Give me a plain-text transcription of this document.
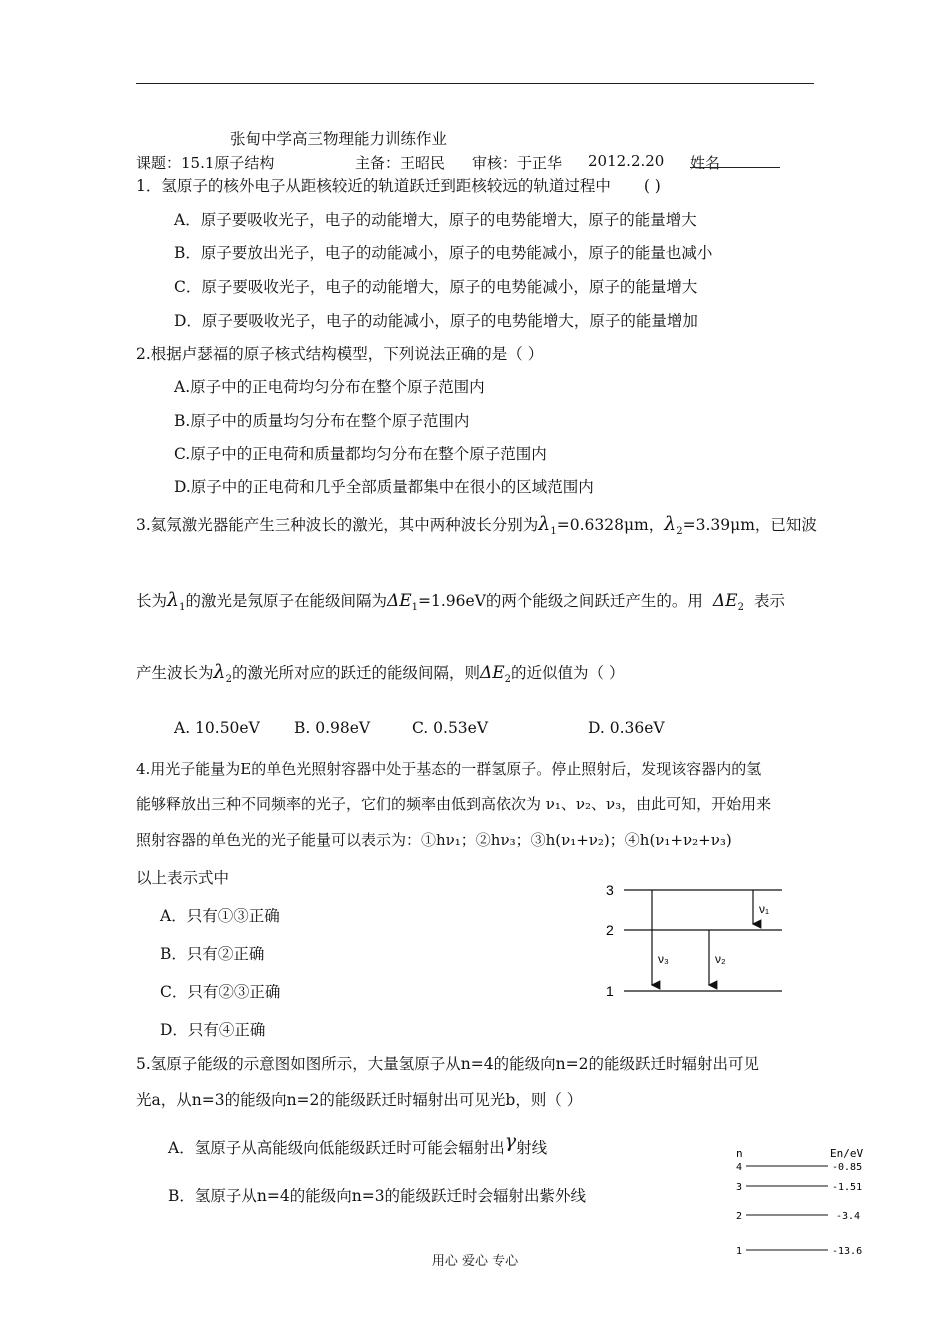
张甸中学高三物理能力训练作业
课题：15.1原子结构	主备：王昭民 审核：于正华 2012.2.20 姓名
1．氢原子的核外电子从距核较近的轨道跃迁到距核较远的轨道过程中 ( )
A．原子要吸收光子，电子的动能增大，原子的电势能增大，原子的能量增大
B．原子要放出光子，电子的动能减小，原子的电势能减小，原子的能量也减小
C．原子要吸收光子，电子的动能增大，原子的电势能减小，原子的能量增大
D．原子要吸收光子，电子的动能减小，原子的电势能增大，原子的能量增加
2.根据卢瑟福的原子核式结构模型，下列说法正确的是（ ）
A.原子中的正电荷均匀分布在整个原子范围内
B.原子中的质量均匀分布在整个原子范围内
C.原子中的正电荷和质量都均匀分布在整个原子范围内
D.原子中的正电荷和几乎全部质量都集中在很小的区域范围内
3.氦氖激光器能产生三种波长的激光，其中两种波长分别为$\lambda_1=0.6328\mu m$，$\lambda_2=3.39\mu m$，已知波
长为$\lambda_1$的激光是氖原子在能级间隔为$\Delta E_1=1.96eV$的两个能级之间跃迁产生的。用 $\Delta E_2$ 表示
产生波长为$\lambda_2$的激光所对应的跃迁的能级间隔，则$\Delta E_2$的近似值为（ ）
A. 10.50eV B. 0.98eV	C. 0.53eV	D. 0.36eV
4.用光子能量为E的单色光照射容器中处于基态的一群氢原子。停止照射后，发现该容器内的氢
能够释放出三种不同频率的光子，它们的频率由低到高依次为 ν₁、ν₂、ν₃，由此可知，开始用来
照射容器的单色光的光子能量可以表示为：①hν₁；②hν₃；③h(ν₁+ν₂)；④h(ν₁+ν₂+ν₃)
以上表示式中
A．只有①③正确
B．只有②正确
C．只有②③正确
D．只有④正确
3
2
1
ν₁
ν₃	ν₂
5.氢原子能级的示意图如图所示，大量氢原子从n=4的能级向n=2的能级跃迁时辐射出可见
光a，从n=3的能级向n=2的能级跃迁时辐射出可见光b，则（ ）
A．氢原子从高能级向低能级跃迁时可能会辐射出γ射线
B．氢原子从n=4的能级向n=3的能级跃迁时会辐射出紫外线
n	En/eV
4
3
2
1
-0.85
-1.51
-3.4
-13.6
用心 爱心 专心
